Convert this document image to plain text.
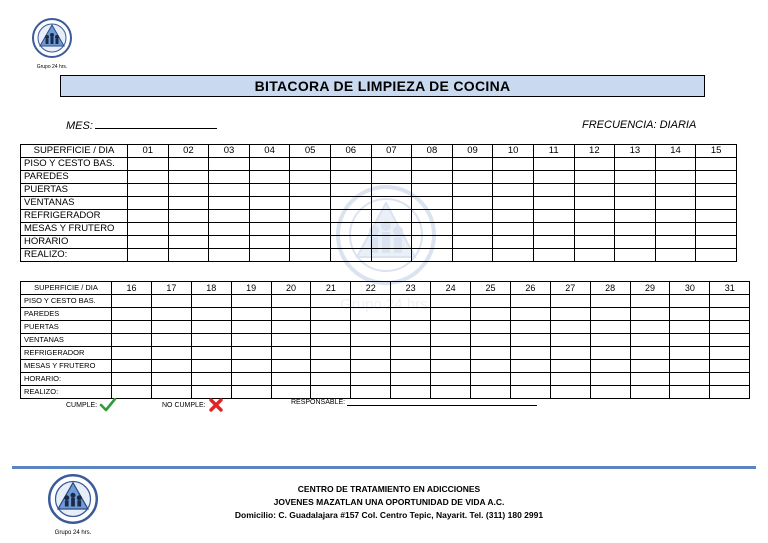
Grupo 24 hrs.
Grupo 24 hrs.
BITACORA DE LIMPIEZA DE COCINA
MES:	FRECUENCIA: DIARIA
SUPERFICIE / DIA	01	02	03	04	05	06	07	08	09	10	11	12	13	14	15
PISO Y CESTO BAS.															
PAREDES															
PUERTAS															
VENTANAS															
REFRIGERADOR															
MESAS Y FRUTERO															
HORARIO															
REALIZO:															
SUPERFICIE / DIA	16	17	18	19	20	21	22	23	24	25	26	27	28	29	30	31
PISO Y CESTO BAS.																
PAREDES																
PUERTAS																
VENTANAS																
REFRIGERADOR																
MESAS Y FRUTERO																
HORARIO:																
REALIZO:																
CUMPLE:	NO CUMPLE:	RESPONSABLE:
Grupo 24 hrs.
CENTRO DE TRATAMIENTO EN ADICCIONES
JOVENES MAZATLAN UNA OPORTUNIDAD DE VIDA A.C.
Domicilio: C. Guadalajara #157 Col. Centro Tepic, Nayarit. Tel. (311) 180 2991
